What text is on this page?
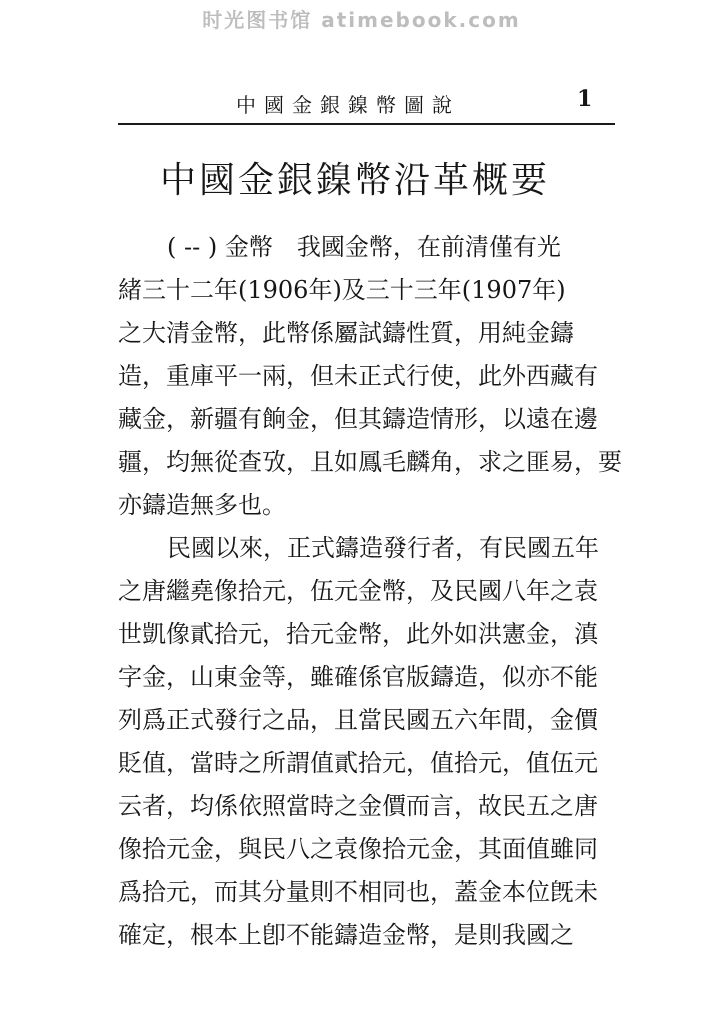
时光图书馆 atimebook.com
中國金銀鎳幣圖說	1
中國金銀鎳幣沿革概要
( -- ) 金幣　我國金幣，在前清僅有光
緒三十二年(1906年)及三十三年(1907年)
之大清金幣，此幣係屬試鑄性質，用純金鑄
造，重庫平一兩，但未正式行使，此外西藏有
藏金，新疆有餉金，但其鑄造情形，以遠在邊
疆，均無從查攷，且如鳳毛麟角，求之匪易，要
亦鑄造無多也。
民國以來，正式鑄造發行者，有民國五年
之唐繼堯像拾元，伍元金幣，及民國八年之袁
世凱像貳拾元，拾元金幣，此外如洪憲金，滇
字金，山東金等，雖確係官版鑄造，似亦不能
列爲正式發行之品，且當民國五六年間，金價
貶值，當時之所謂值貳拾元，值拾元，值伍元
云者，均係依照當時之金價而言，故民五之唐
像拾元金，與民八之袁像拾元金，其面值雖同
爲拾元，而其分量則不相同也，蓋金本位旣未
確定，根本上卽不能鑄造金幣，是則我國之
